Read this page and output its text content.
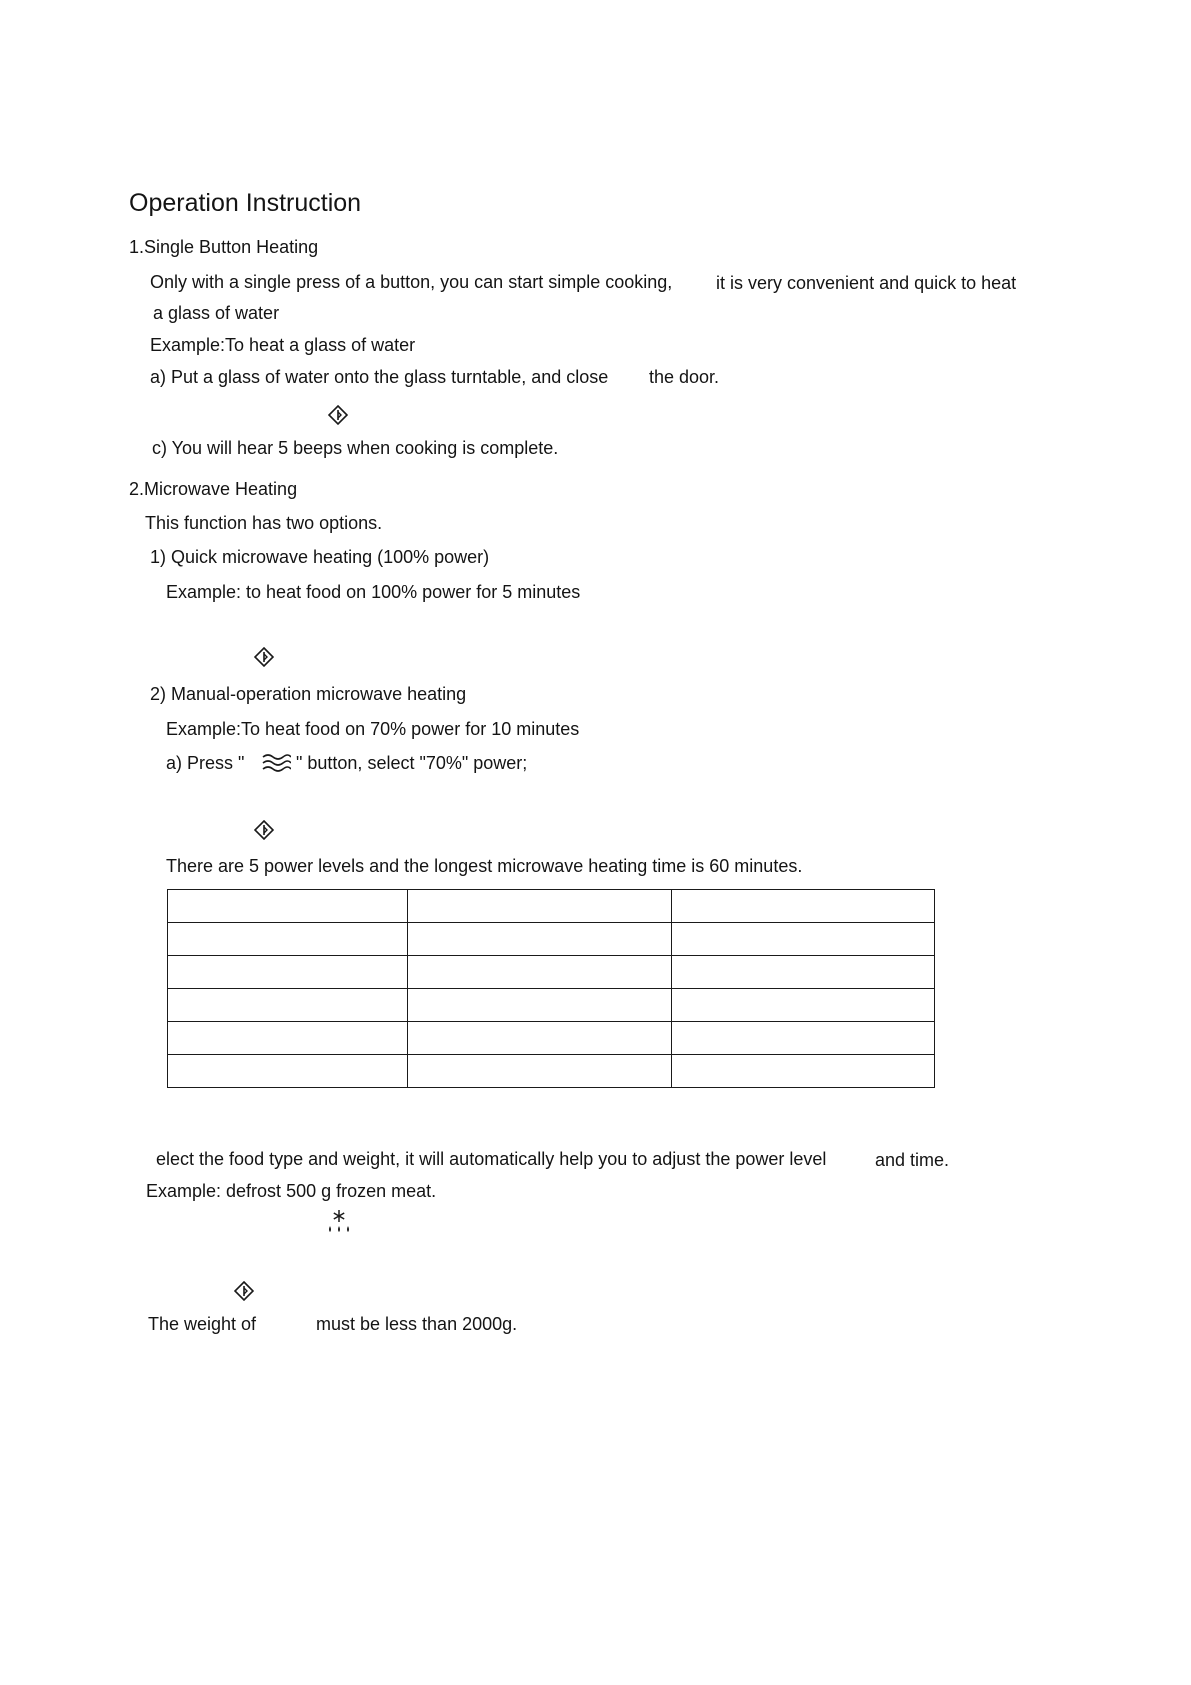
Operation Instruction
1.Single Button Heating
Only with a single press of a button, you can start simple cooking, it is very convenient and quick to heat
a glass of water
Example:To heat a glass of water
a) Put a glass of water onto the glass turntable, and close the door.
c) You will hear 5 beeps when cooking is complete.
2.Microwave Heating
This function has two options.
1) Quick microwave heating (100% power)
Example: to heat food on 100% power for 5 minutes
2) Manual-operation microwave heating
Example:To heat food on 70% power for 10 minutes
a) Press "	" button, select "70%" power;
There are 5 power levels and the longest microwave heating time is 60 minutes.

elect the food type and weight, it will automatically help you to adjust the power level	and time.
Example: defrost 500 g frozen meat.
The weight of	must be less than 2000g.
